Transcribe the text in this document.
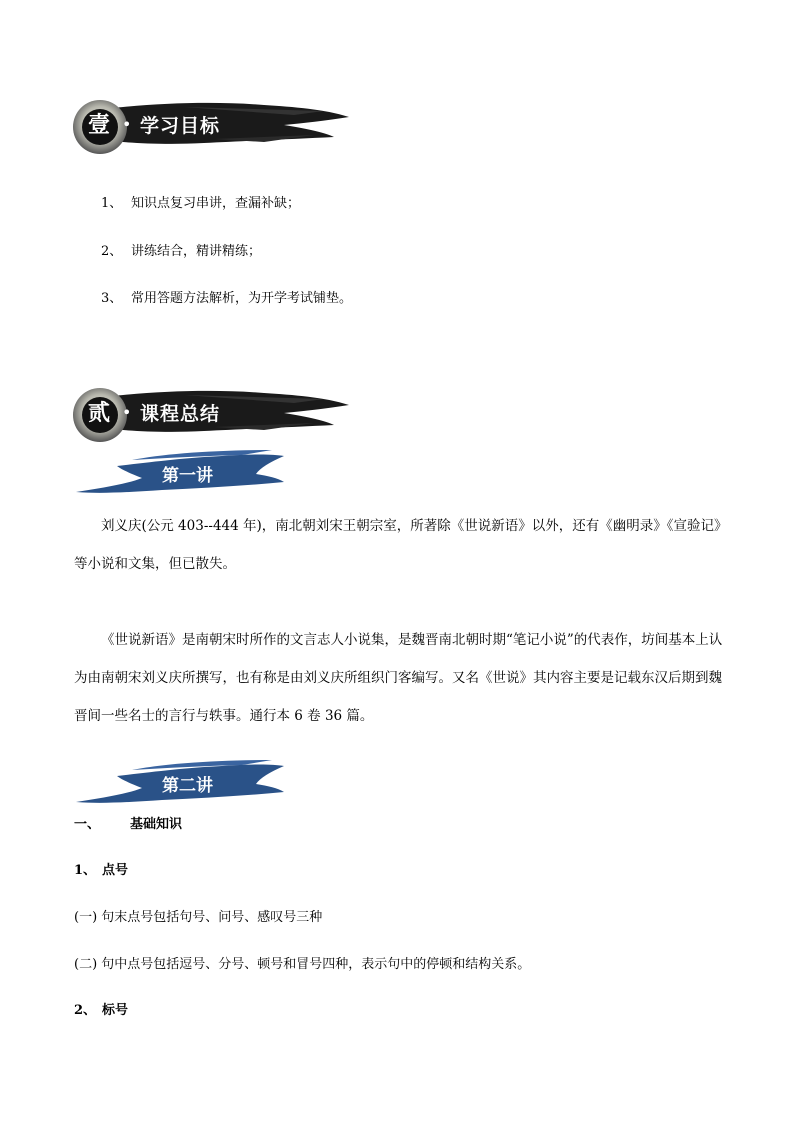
壹 • 学习目标
1、 知识点复习串讲，查漏补缺；
2、 讲练结合，精讲精练；
3、 常用答题方法解析，为开学考试铺垫。
贰 • 课程总结
第一讲

刘义庆(公元 403--444 年)，南北朝刘宋王朝宗室，所著除《世说新语》以外，还有《幽明录》《宣验记》等小说和文集，但已散失。

《世说新语》是南朝宋时所作的文言志人小说集，是魏晋南北朝时期“笔记小说”的代表作，坊间基本上认为由南朝宋刘义庆所撰写，也有称是由刘义庆所组织门客编写。又名《世说》其内容主要是记载东汉后期到魏晋间一些名士的言行与轶事。通行本 6 卷 36 篇。

第二讲
一、 基础知识
1、 点号
(一) 句末点号包括句号、问号、感叹号三种
(二) 句中点号包括逗号、分号、顿号和冒号四种，表示句中的停顿和结构关系。
2、 标号
